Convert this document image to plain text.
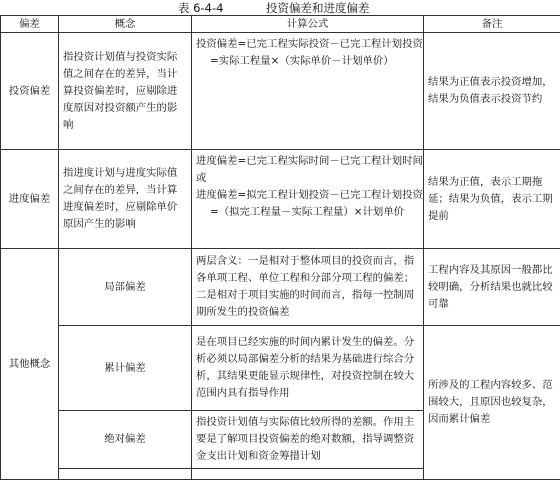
表 6-4-4	投资偏差和进度偏差
偏差	概念	计算公式	备注
投资偏差	指投资计划值与投资实际值之间存在的差异，当计算投资偏差时，应剔除进度原因对投资额产生的影响	投资偏差=已完工程实际投资－已完工程计划投资
=实际工程量×（实际单价－计划单价）	结果为正值表示投资增加，结果为负值表示投资节约
进度偏差	指进度计划与进度实际值之间存在的差异，当计算进度偏差时，应剔除单价原因产生的影响	进度偏差=已完工程实际时间－已完工程计划时间
或
进度偏差=拟完工程计划投资－已完工程计划投资
=（拟完工程量－实际工程量）×计划单价	结果为正值，表示工期拖延；结果为负值，表示工期提前
其他概念	局部偏差	两层含义：一是相对于整体项目的投资而言，指各单项工程、单位工程和分部分项工程的偏差；二是相对于项目实施的时间而言，指每一控制周期所发生的投资偏差	工程内容及其原因一般都比较明确，分析结果也就比较可靠
	累计偏差	是在项目已经实施的时间内累计发生的偏差。分析必须以局部偏差分析的结果为基础进行综合分析，其结果更能显示规律性，对投资控制在较大范围内具有指导作用	所涉及的工程内容较多、范围较大，且原因也较复杂，因而累计偏差
	绝对偏差	指投资计划值与实际值比较所得的差额。作用主要是了解项目投资偏差的绝对数额，指导调整资金支出计划和资金筹措计划	
